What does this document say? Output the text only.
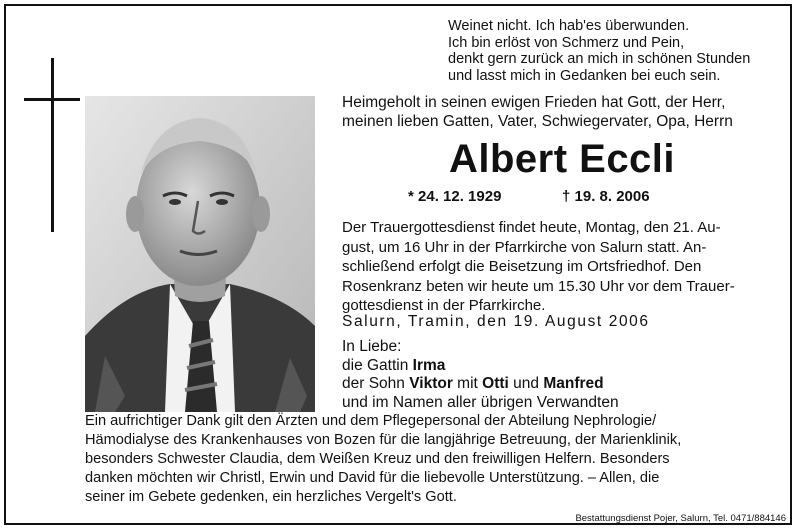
Weinet nicht. Ich hab'es überwunden.
Ich bin erlöst von Schmerz und Pein,
denkt gern zurück an mich in schönen Stunden
und lasst mich in Gedanken bei euch sein.
Heimgeholt in seinen ewigen Frieden hat Gott, der Herr,
meinen lieben Gatten, Vater, Schwiegervater, Opa, Herrn
Albert Eccli
* 24. 12. 1929	† 19. 8. 2006
Der Trauergottesdienst findet heute, Montag, den 21. Au-
gust, um 16 Uhr in der Pfarrkirche von Salurn statt. An-
schließend erfolgt die Beisetzung im Ortsfriedhof. Den
Rosenkranz beten wir heute um 15.30 Uhr vor dem Trauer-
gottesdienst in der Pfarrkirche.
Salurn, Tramin, den 19. August 2006
In Liebe:
die Gattin Irma
der Sohn Viktor mit Otti und Manfred
und im Namen aller übrigen Verwandten
Ein aufrichtiger Dank gilt den Ärzten und dem Pflegepersonal der Abteilung Nephrologie/
Hämodialyse des Krankenhauses von Bozen für die langjährige Betreuung, der Marienklinik,
besonders Schwester Claudia, dem Weißen Kreuz und den freiwilligen Helfern. Besonders
danken möchten wir Christl, Erwin und David für die liebevolle Unterstützung. – Allen, die
seiner im Gebete gedenken, ein herzliches Vergelt's Gott.
Bestattungsdienst Pojer, Salurn, Tel. 0471/884146
